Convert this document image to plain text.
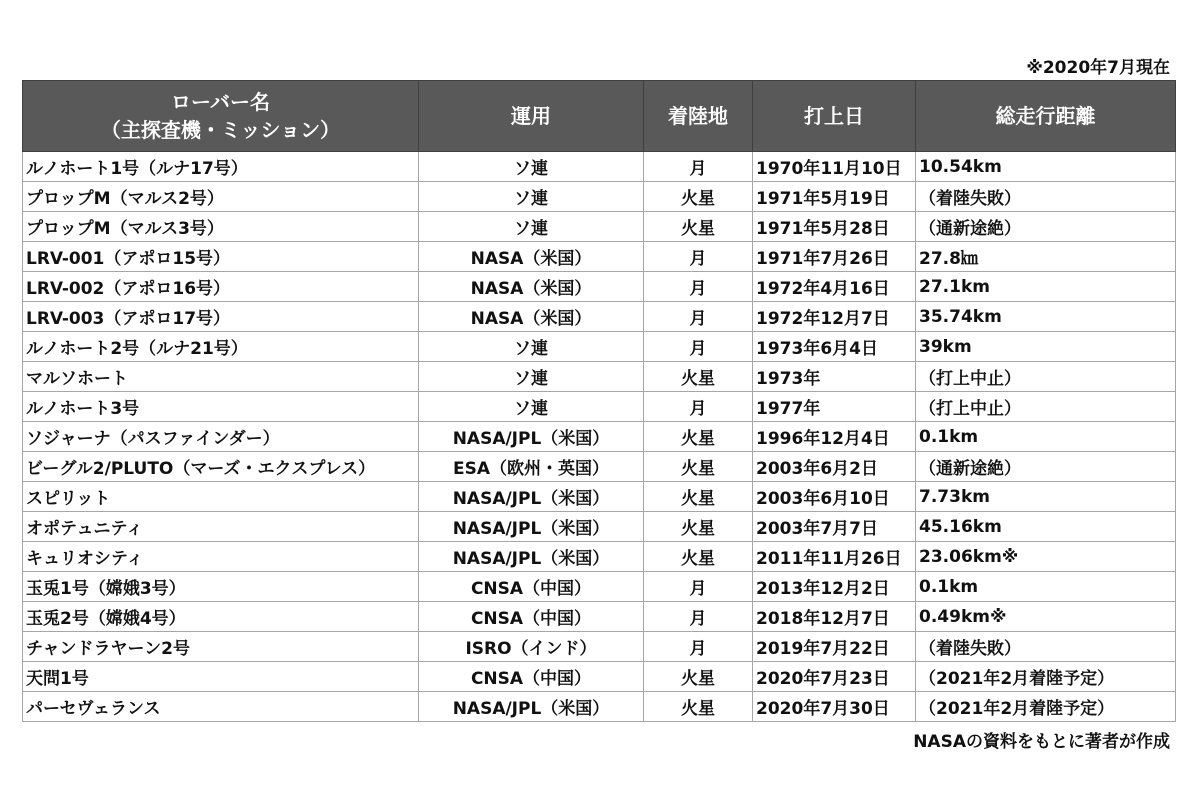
※2020年7月現在
ローバー名
（主探査機・ミッション）	運用	着陸地	打上日	総走行距離
ルノホート1号（ルナ17号）	ソ連	月	1970年11月10日	10.54km
プロップM（マルス2号）	ソ連	火星	1971年5月19日	（着陸失敗）
プロップM（マルス3号）	ソ連	火星	1971年5月28日	（通新途絶）
LRV-001（アポロ15号）	NASA（米国）	月	1971年7月26日	27.8㎞
LRV-002（アポロ16号）	NASA（米国）	月	1972年4月16日	27.1km
LRV-003（アポロ17号）	NASA（米国）	月	1972年12月7日	35.74km
ルノホート2号（ルナ21号）	ソ連	月	1973年6月4日	39km
マルソホート	ソ連	火星	1973年	（打上中止）
ルノホート3号	ソ連	月	1977年	（打上中止）
ソジャーナ（パスファインダー）	NASA/JPL（米国）	火星	1996年12月4日	0.1km
ビーグル2/PLUTO（マーズ・エクスプレス）	ESA（欧州・英国）	火星	2003年6月2日	（通新途絶）
スピリット	NASA/JPL（米国）	火星	2003年6月10日	7.73km
オポテュニティ	NASA/JPL（米国）	火星	2003年7月7日	45.16km
キュリオシティ	NASA/JPL（米国）	火星	2011年11月26日	23.06km※
玉兎1号（嫦娥3号）	CNSA（中国）	月	2013年12月2日	0.1km
玉兎2号（嫦娥4号）	CNSA（中国）	月	2018年12月7日	0.49km※
チャンドラヤーン2号	ISRO（インド）	月	2019年7月22日	（着陸失敗）
天問1号	CNSA（中国）	火星	2020年7月23日	（2021年2月着陸予定）
パーセヴェランス	NASA/JPL（米国）	火星	2020年7月30日	（2021年2月着陸予定）
NASAの資料をもとに著者が作成
